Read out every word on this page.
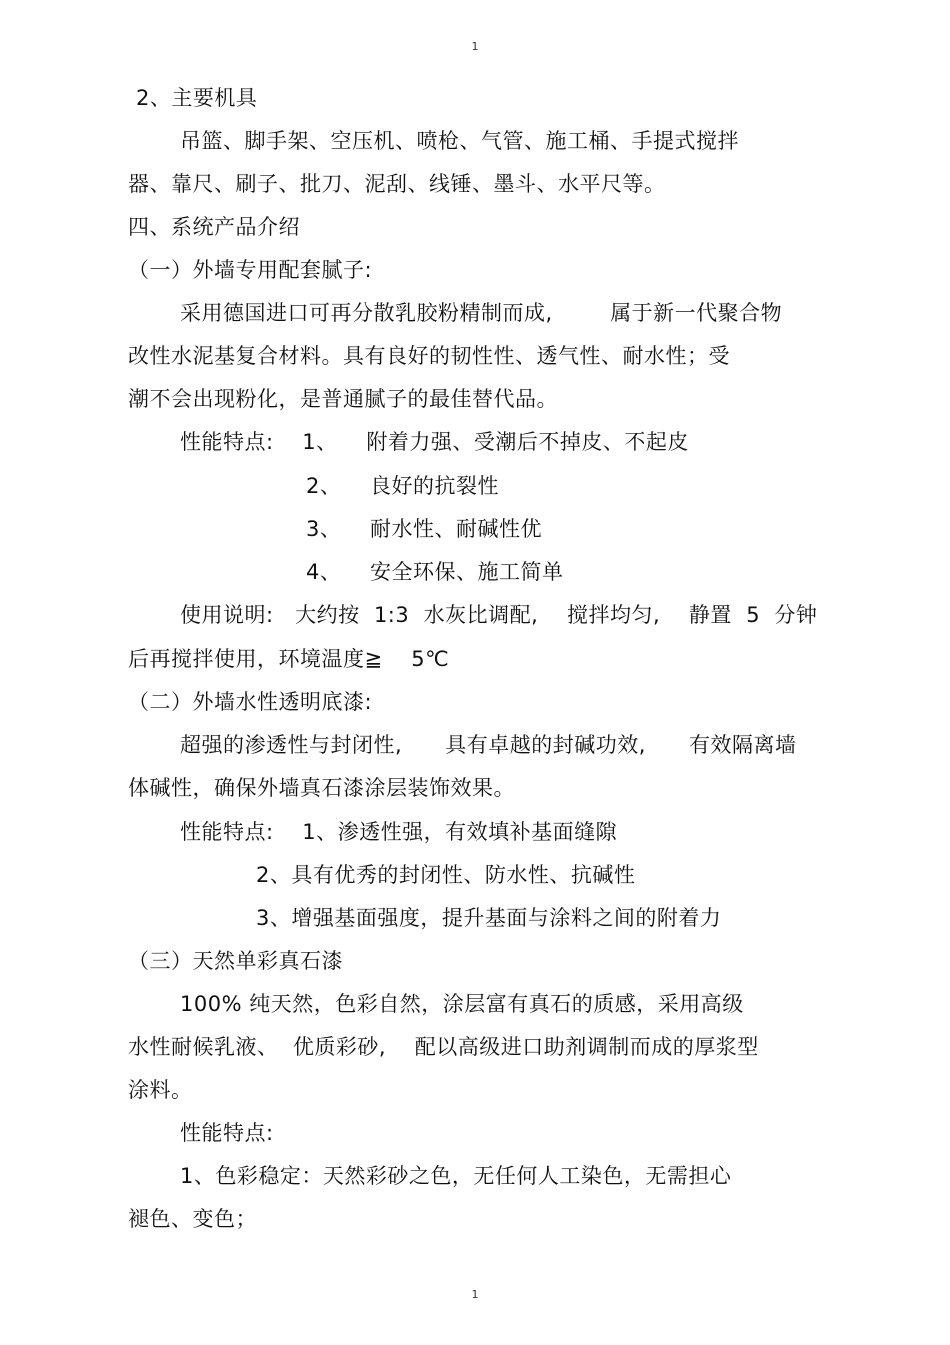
1
2、主要机具
吊篮、脚手架、空压机、喷枪、气管、施工桶、手提式搅拌
器、靠尺、刷子、批刀、泥刮、线锤、墨斗、水平尺等。
四、系统产品介绍
（一）外墙专用配套腻子:
采用德国进口可再分散乳胶粉精制而成,        属于新一代聚合物
改性水泥基复合材料。具有良好的韧性性、透气性、耐水性；受
潮不会出现粉化，是普通腻子的最佳替代品。
性能特点:    1、    附着力强、受潮后不掉皮、不起皮
2、    良好的抗裂性
3、    耐水性、耐碱性优
4、    安全环保、施工简单
使用说明:   大约按  1:3  水灰比调配,    搅拌均匀,    静置  5  分钟
后再搅拌使用，环境温度≧    5℃
（二）外墙水性透明底漆:
超强的渗透性与封闭性,      具有卓越的封碱功效,      有效隔离墙
体碱性，确保外墙真石漆涂层装饰效果。
性能特点:    1、渗透性强，有效填补基面缝隙
2、具有优秀的封闭性、防水性、抗碱性
3、增强基面强度，提升基面与涂料之间的附着力
（三）天然单彩真石漆
100% 纯天然，色彩自然，涂层富有真石的质感，采用高级
水性耐候乳液、  优质彩砂,    配以高级进口助剂调制而成的厚浆型
涂料。
性能特点:
1、色彩稳定：天然彩砂之色，无任何人工染色，无需担心
褪色、变色；
1
